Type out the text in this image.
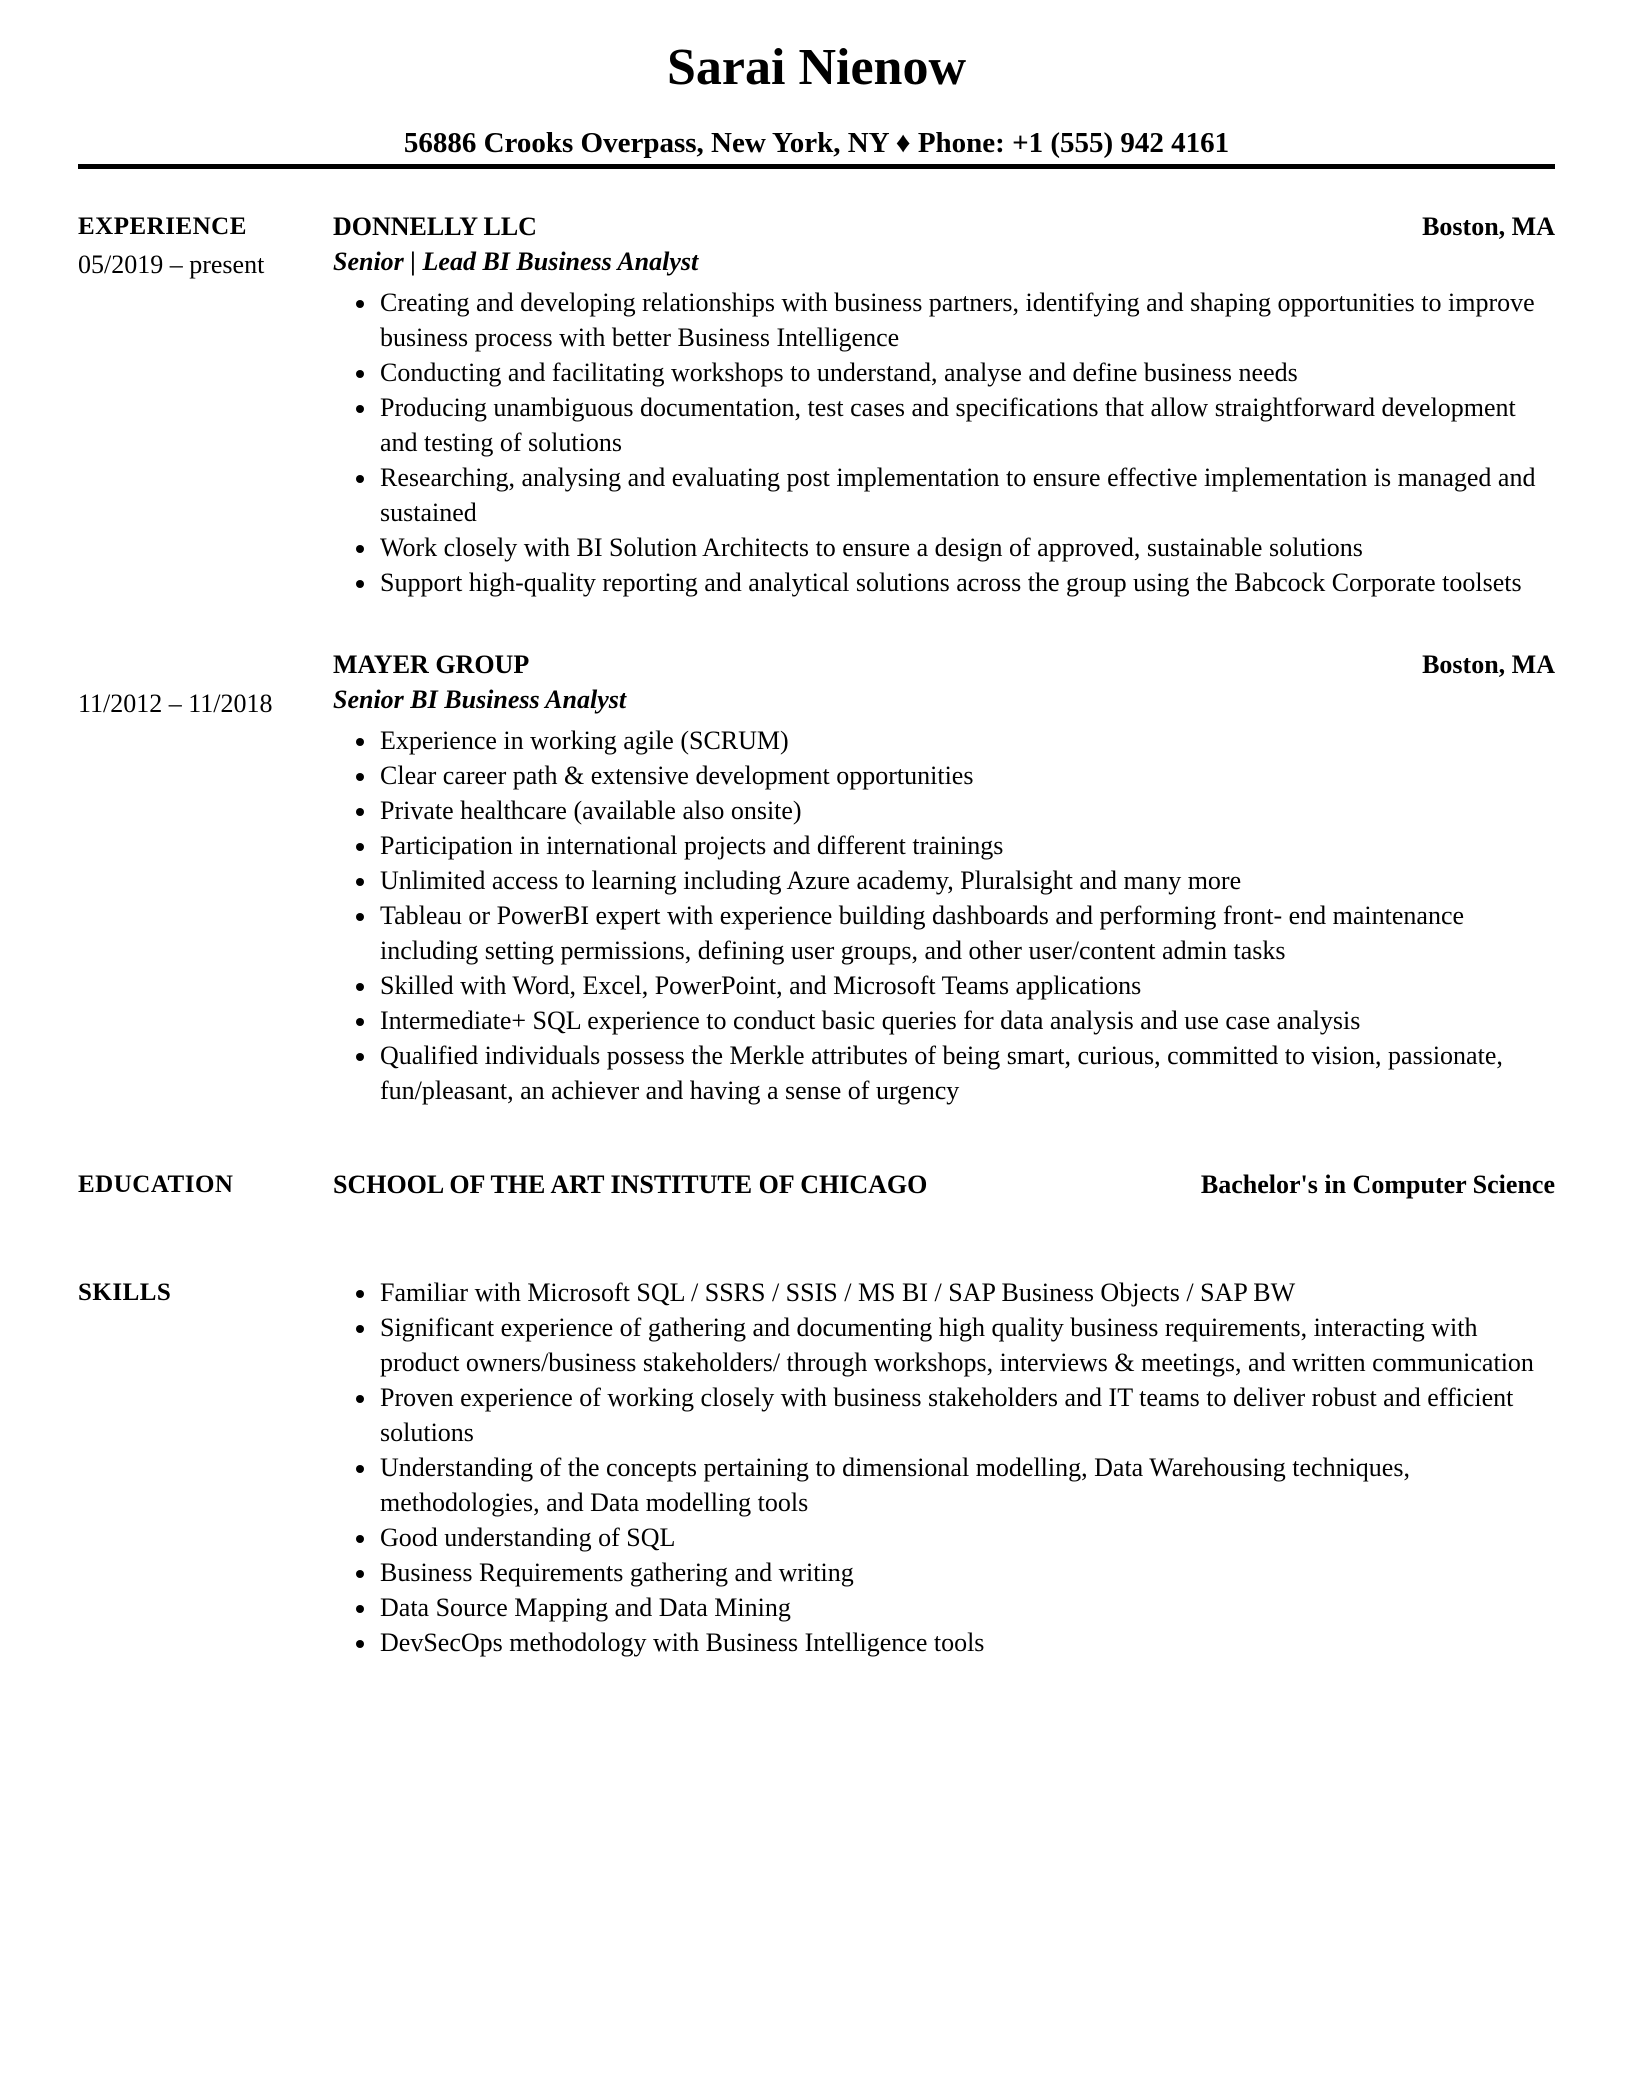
Sarai Nienow
56886 Crooks Overpass, New York, NY ♦ Phone: +1 (555) 942 4161
EXPERIENCE
05/2019 – present
DONNELLY LLC	Boston, MA
Senior | Lead BI Business Analyst
• Creating and developing relationships with business partners, identifying and shaping opportunities to improve business process with better Business Intelligence
• Conducting and facilitating workshops to understand, analyse and define business needs
• Producing unambiguous documentation, test cases and specifications that allow straightforward development and testing of solutions
• Researching, analysing and evaluating post implementation to ensure effective implementation is managed and sustained
• Work closely with BI Solution Architects to ensure a design of approved, sustainable solutions
• Support high-quality reporting and analytical solutions across the group using the Babcock Corporate toolsets
11/2012 – 11/2018
MAYER GROUP	Boston, MA
Senior BI Business Analyst
• Experience in working agile (SCRUM)
• Clear career path & extensive development opportunities
• Private healthcare (available also onsite)
• Participation in international projects and different trainings
• Unlimited access to learning including Azure academy, Pluralsight and many more
• Tableau or PowerBI expert with experience building dashboards and performing front- end maintenance including setting permissions, defining user groups, and other user/content admin tasks
• Skilled with Word, Excel, PowerPoint, and Microsoft Teams applications
• Intermediate+ SQL experience to conduct basic queries for data analysis and use case analysis
• Qualified individuals possess the Merkle attributes of being smart, curious, committed to vision, passionate, fun/pleasant, an achiever and having a sense of urgency
EDUCATION	SCHOOL OF THE ART INSTITUTE OF CHICAGO	Bachelor's in Computer Science
SKILLS	• Familiar with Microsoft SQL / SSRS / SSIS / MS BI / SAP Business Objects / SAP BW
• Significant experience of gathering and documenting high quality business requirements, interacting with product owners/business stakeholders/ through workshops, interviews & meetings, and written communication
• Proven experience of working closely with business stakeholders and IT teams to deliver robust and efficient solutions
• Understanding of the concepts pertaining to dimensional modelling, Data Warehousing techniques, methodologies, and Data modelling tools
• Good understanding of SQL
• Business Requirements gathering and writing
• Data Source Mapping and Data Mining
• DevSecOps methodology with Business Intelligence tools
